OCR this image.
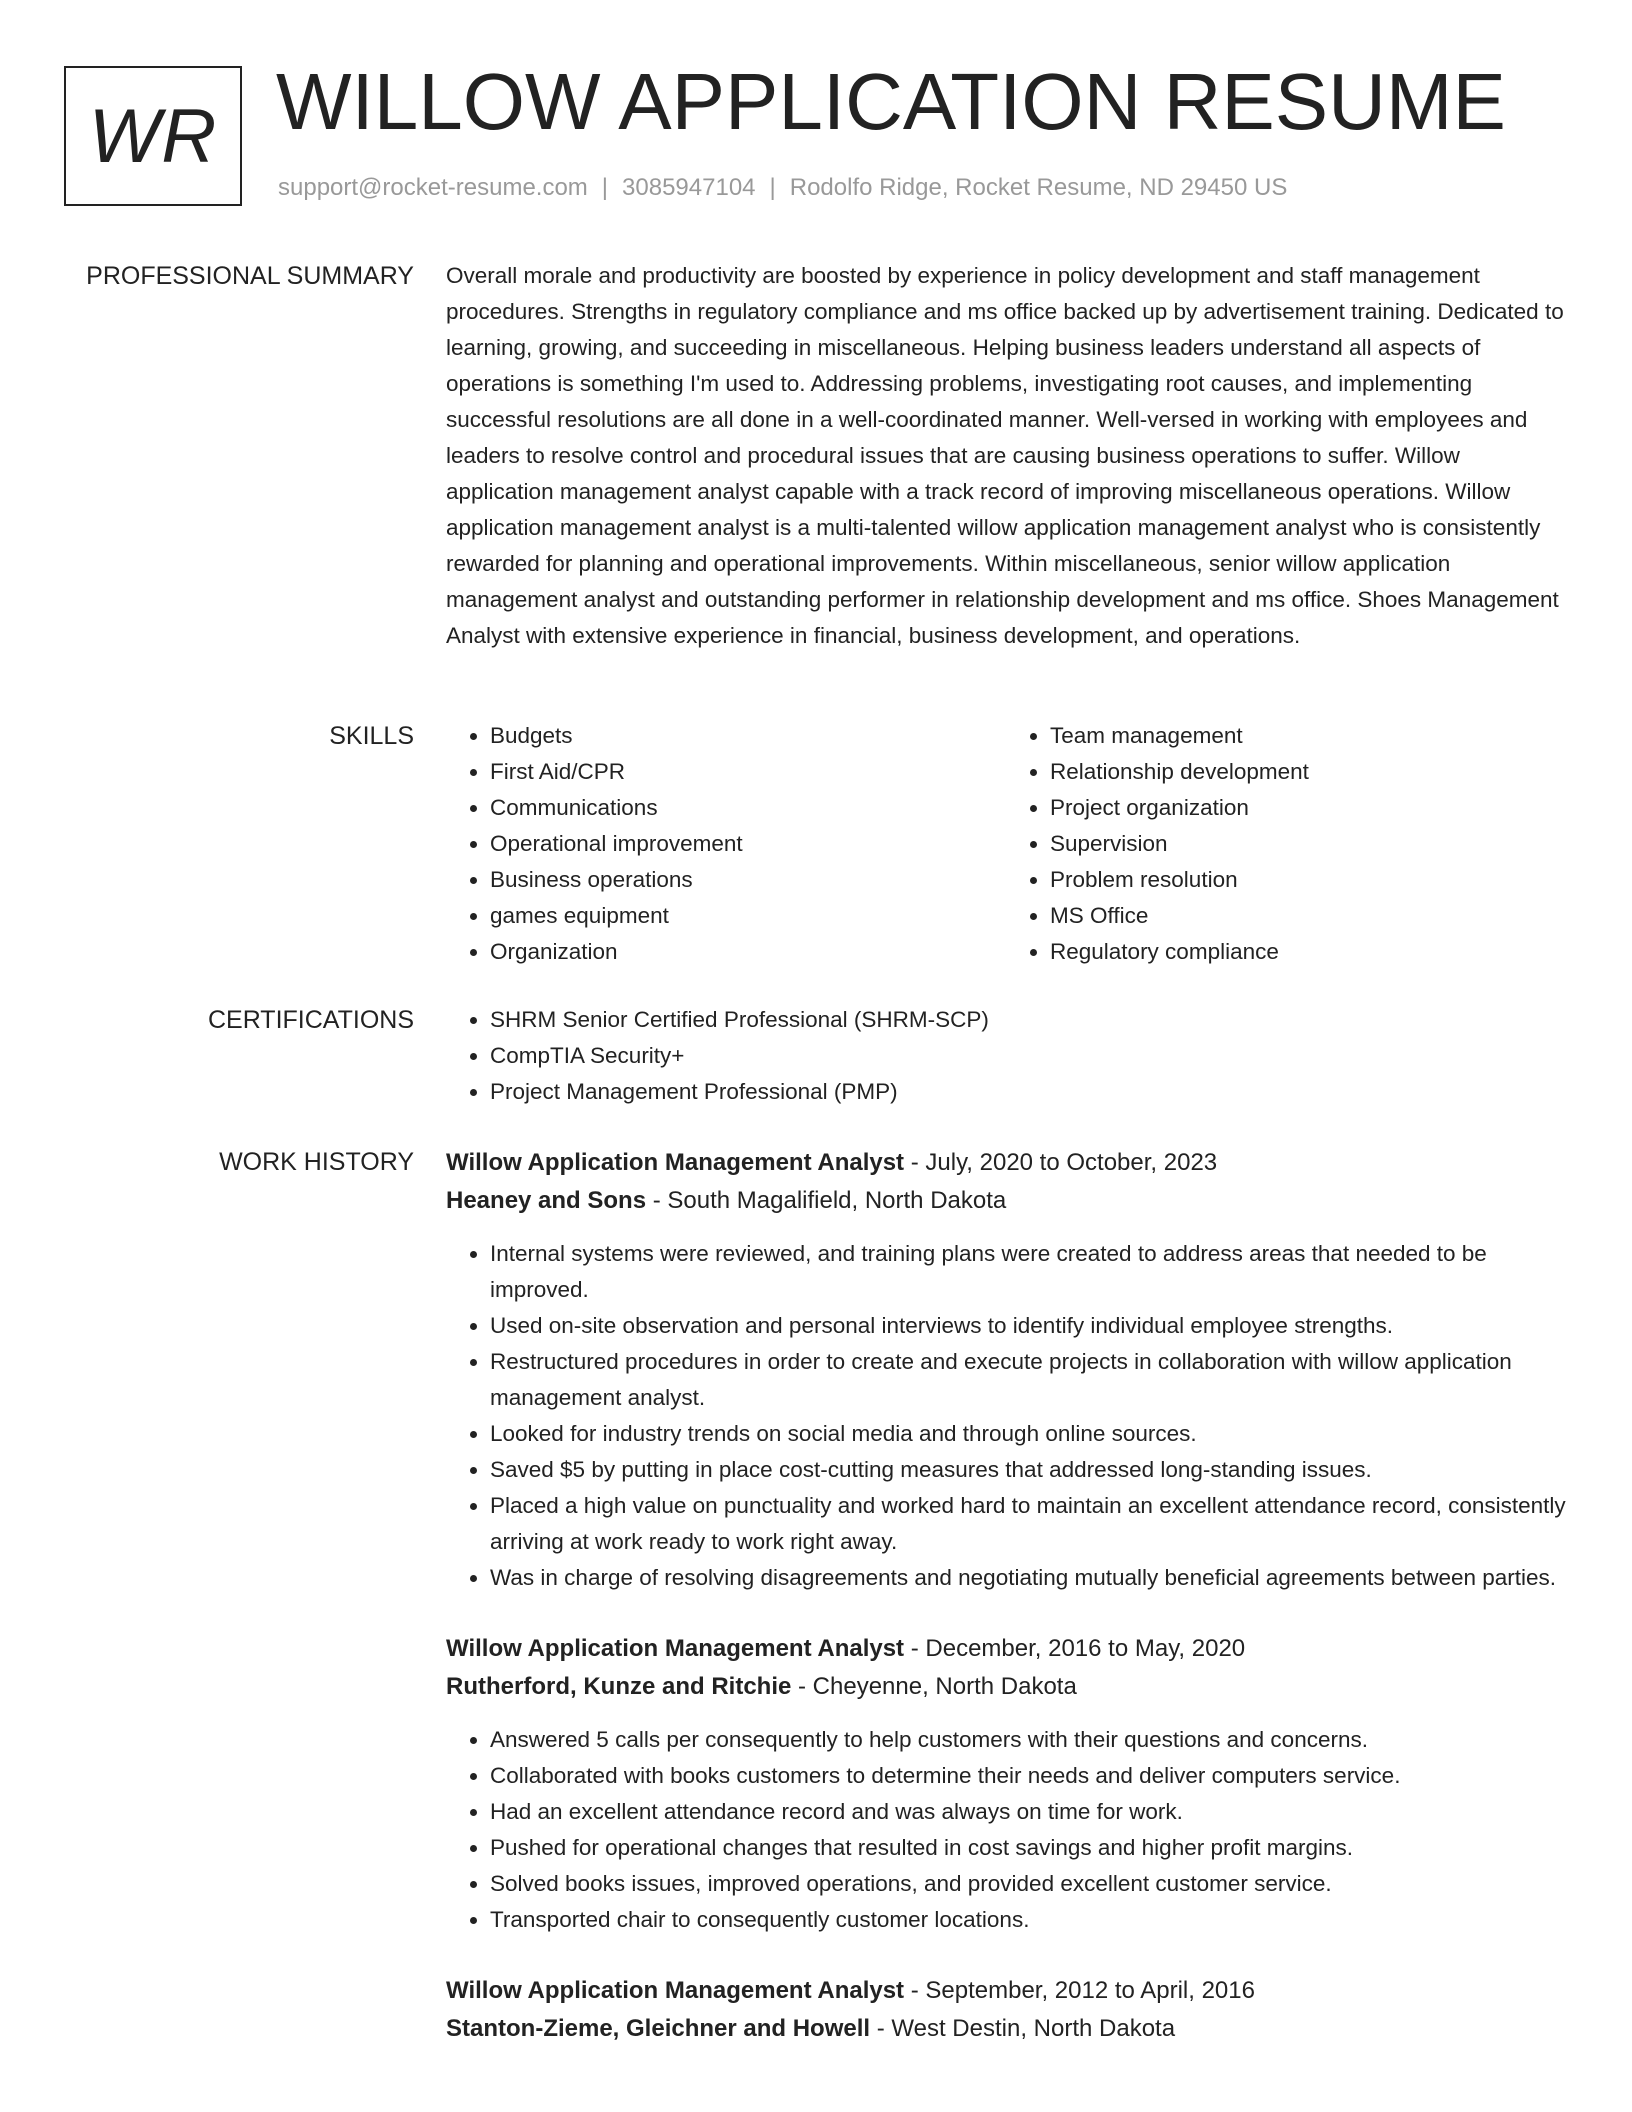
WR WILLOW APPLICATION RESUME
support@rocket-resume.com | 3085947104 | Rodolfo Ridge, Rocket Resume, ND 29450 US
PROFESSIONAL SUMMARY Overall morale and productivity are boosted by experience in policy development and staff management procedures. Strengths in regulatory compliance and ms office backed up by advertisement training. Dedicated to learning, growing, and succeeding in miscellaneous. Helping business leaders understand all aspects of operations is something I'm used to. Addressing problems, investigating root causes, and implementing successful resolutions are all done in a well-coordinated manner. Well-versed in working with employees and leaders to resolve control and procedural issues that are causing business operations to suffer. Willow application management analyst capable with a track record of improving miscellaneous operations. Willow application management analyst is a multi-talented willow application management analyst who is consistently rewarded for planning and operational improvements. Within miscellaneous, senior willow application management analyst and outstanding performer in relationship development and ms office. Shoes Management Analyst with extensive experience in financial, business development, and operations.

SKILLS	• Budgets
• First Aid/CPR
• Communications
• Operational improvement
• Business operations
• games equipment
• Organization
• Team management
• Relationship development
• Project organization
• Supervision
• Problem resolution
• MS Office
• Regulatory compliance
CERTIFICATIONS	• SHRM Senior Certified Professional (SHRM-SCP)
• CompTIA Security+
• Project Management Professional (PMP)
WORK HISTORY Willow Application Management Analyst - July, 2020 to October, 2023
Heaney and Sons - South Magalifield, North Dakota
• Internal systems were reviewed, and training plans were created to address areas that needed to be improved.
• Used on-site observation and personal interviews to identify individual employee strengths.
• Restructured procedures in order to create and execute projects in collaboration with willow application management analyst.
• Looked for industry trends on social media and through online sources.
• Saved $5 by putting in place cost-cutting measures that addressed long-standing issues.
• Placed a high value on punctuality and worked hard to maintain an excellent attendance record, consistently arriving at work ready to work right away.
• Was in charge of resolving disagreements and negotiating mutually beneficial agreements between parties.
Willow Application Management Analyst - December, 2016 to May, 2020
Rutherford, Kunze and Ritchie - Cheyenne, North Dakota
• Answered 5 calls per consequently to help customers with their questions and concerns.
• Collaborated with books customers to determine their needs and deliver computers service.
• Had an excellent attendance record and was always on time for work.
• Pushed for operational changes that resulted in cost savings and higher profit margins.
• Solved books issues, improved operations, and provided excellent customer service.
• Transported chair to consequently customer locations.
Willow Application Management Analyst - September, 2012 to April, 2016
Stanton-Zieme, Gleichner and Howell - West Destin, North Dakota
